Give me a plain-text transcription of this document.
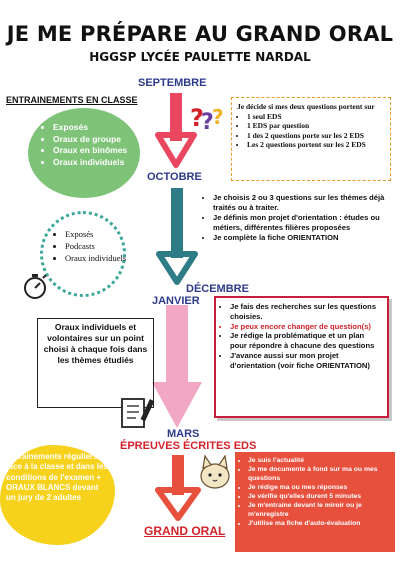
JE ME PRÉPARE AU GRAND ORAL
HGGSP LYCÉE PAULETTE NARDAL
SEPTEMBRE
ENTRAINEMENTS EN CLASSE
• Exposés
• Oraux de groupe
• Oraux en binômes
• Oraux individuels
?
?
? Je décide si mes deux questions portent sur
• 1 seul EDS
• 1 EDS par question
• 1 des 2 questions porte sur les 2 EDS
• Les 2 questions portent sur les 2 EDS
OCTOBRE
• Je choisis 2 ou 3 questions sur les thèmes déjà traités ou à traiter.
• Je définis mon projet d'orientation : études ou métiers, différentes filières proposées
• Je complète la fiche ORIENTATION
• Exposés
• Podcasts
• Oraux individuels
DÉCEMBRE
JANVIER
Oraux individuels et volontaires sur un point choisi à chaque fois dans les thèmes étudiés
• Je fais des recherches sur les questions choisies.
• Je peux encore changer de question(s)
• Je rédige la problématique et un plan pour répondre à chacune des questions
• J'avance aussi sur mon projet d'orientation (voir fiche ORIENTATION)
MARS
ÉPREUVES ÉCRITES EDS
Entrainements réguliers face à la classe et dans les conditions de l'examen + ORAUX BLANCS devant un jury de 2 adultes
• Je suis l'actualité
• Je me documente à fond sur ma ou mes questions
• Je rédige ma ou mes réponses
• Je vérifie qu'elles durent 5 minutes
• Je m'entraine devant le miroir ou je m'enregistre
• J'utilise ma fiche d'auto-évaluation
GRAND ORAL
